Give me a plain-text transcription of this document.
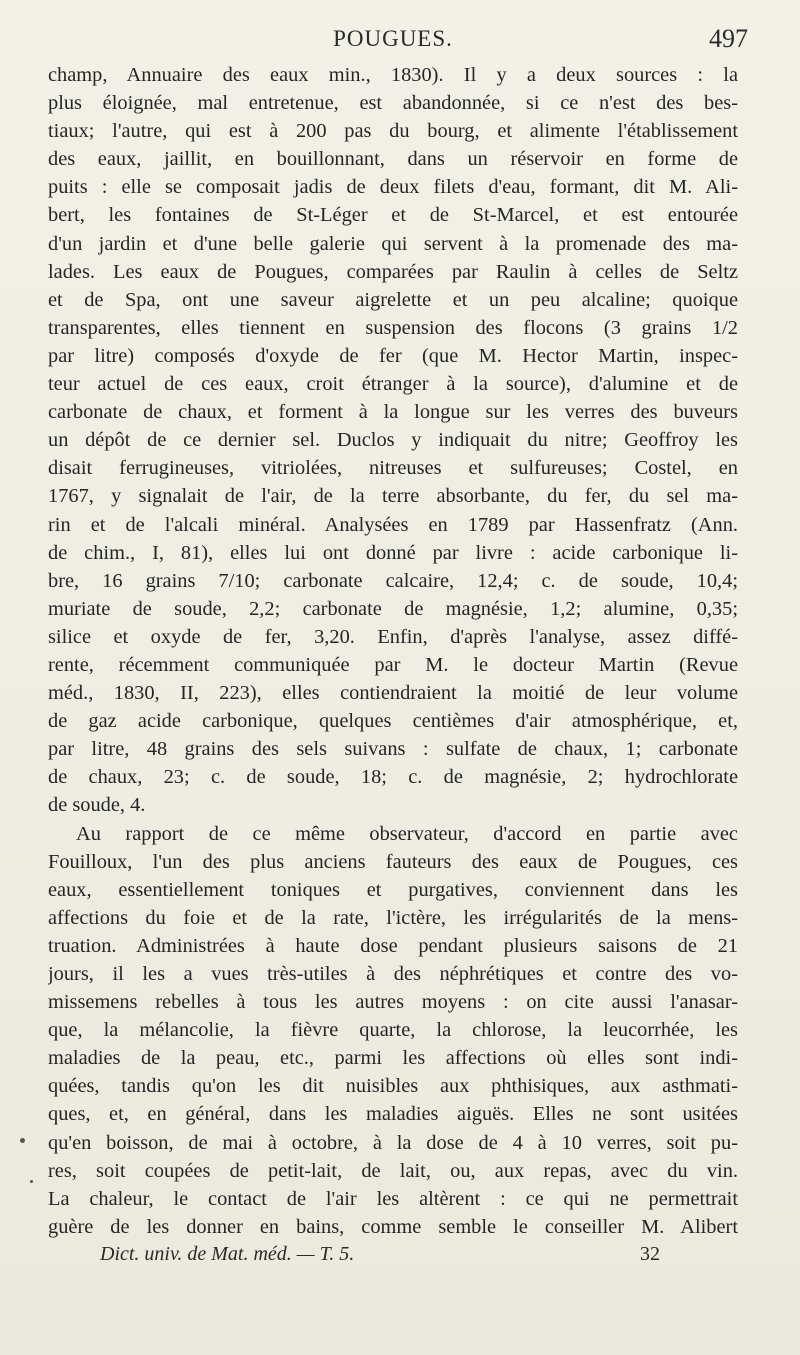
POUGUES.	497
champ, Annuaire des eaux min., 1830). Il y a deux sources : la
plus éloignée, mal entretenue, est abandonnée, si ce n'est des bes-
tiaux; l'autre, qui est à 200 pas du bourg, et alimente l'établissement
des eaux, jaillit, en bouillonnant, dans un réservoir en forme de
puits : elle se composait jadis de deux filets d'eau, formant, dit M. Ali-
bert, les fontaines de St-Léger et de St-Marcel, et est entourée
d'un jardin et d'une belle galerie qui servent à la promenade des ma-
lades. Les eaux de Pougues, comparées par Raulin à celles de Seltz
et de Spa, ont une saveur aigrelette et un peu alcaline; quoique
transparentes, elles tiennent en suspension des flocons (3 grains 1/2
par litre) composés d'oxyde de fer (que M. Hector Martin, inspec-
teur actuel de ces eaux, croit étranger à la source), d'alumine et de
carbonate de chaux, et forment à la longue sur les verres des buveurs
un dépôt de ce dernier sel. Duclos y indiquait du nitre; Geoffroy les
disait ferrugineuses, vitriolées, nitreuses et sulfureuses; Costel, en
1767, y signalait de l'air, de la terre absorbante, du fer, du sel ma-
rin et de l'alcali minéral. Analysées en 1789 par Hassenfratz (Ann.
de chim., I, 81), elles lui ont donné par livre : acide carbonique li-
bre, 16 grains 7/10; carbonate calcaire, 12,4; c. de soude, 10,4;
muriate de soude, 2,2; carbonate de magnésie, 1,2; alumine, 0,35;
silice et oxyde de fer, 3,20. Enfin, d'après l'analyse, assez diffé-
rente, récemment communiquée par M. le docteur Martin (Revue
méd., 1830, II, 223), elles contiendraient la moitié de leur volume
de gaz acide carbonique, quelques centièmes d'air atmosphérique, et,
par litre, 48 grains des sels suivans : sulfate de chaux, 1; carbonate
de chaux, 23; c. de soude, 18; c. de magnésie, 2; hydrochlorate
de soude, 4.
Au rapport de ce même observateur, d'accord en partie avec
Fouilloux, l'un des plus anciens fauteurs des eaux de Pougues, ces
eaux, essentiellement toniques et purgatives, conviennent dans les
affections du foie et de la rate, l'ictère, les irrégularités de la mens-
truation. Administrées à haute dose pendant plusieurs saisons de 21
jours, il les a vues très-utiles à des néphrétiques et contre des vo-
missemens rebelles à tous les autres moyens : on cite aussi l'anasar-
que, la mélancolie, la fièvre quarte, la chlorose, la leucorrhée, les
maladies de la peau, etc., parmi les affections où elles sont indi-
quées, tandis qu'on les dit nuisibles aux phthisiques, aux asthmati-
ques, et, en général, dans les maladies aiguës. Elles ne sont usitées
qu'en boisson, de mai à octobre, à la dose de 4 à 10 verres, soit pu-
res, soit coupées de petit-lait, de lait, ou, aux repas, avec du vin.
La chaleur, le contact de l'air les altèrent : ce qui ne permettrait
guère de les donner en bains, comme semble le conseiller M. Alibert
Dict. univ. de Mat. méd. — T. 5.	32
